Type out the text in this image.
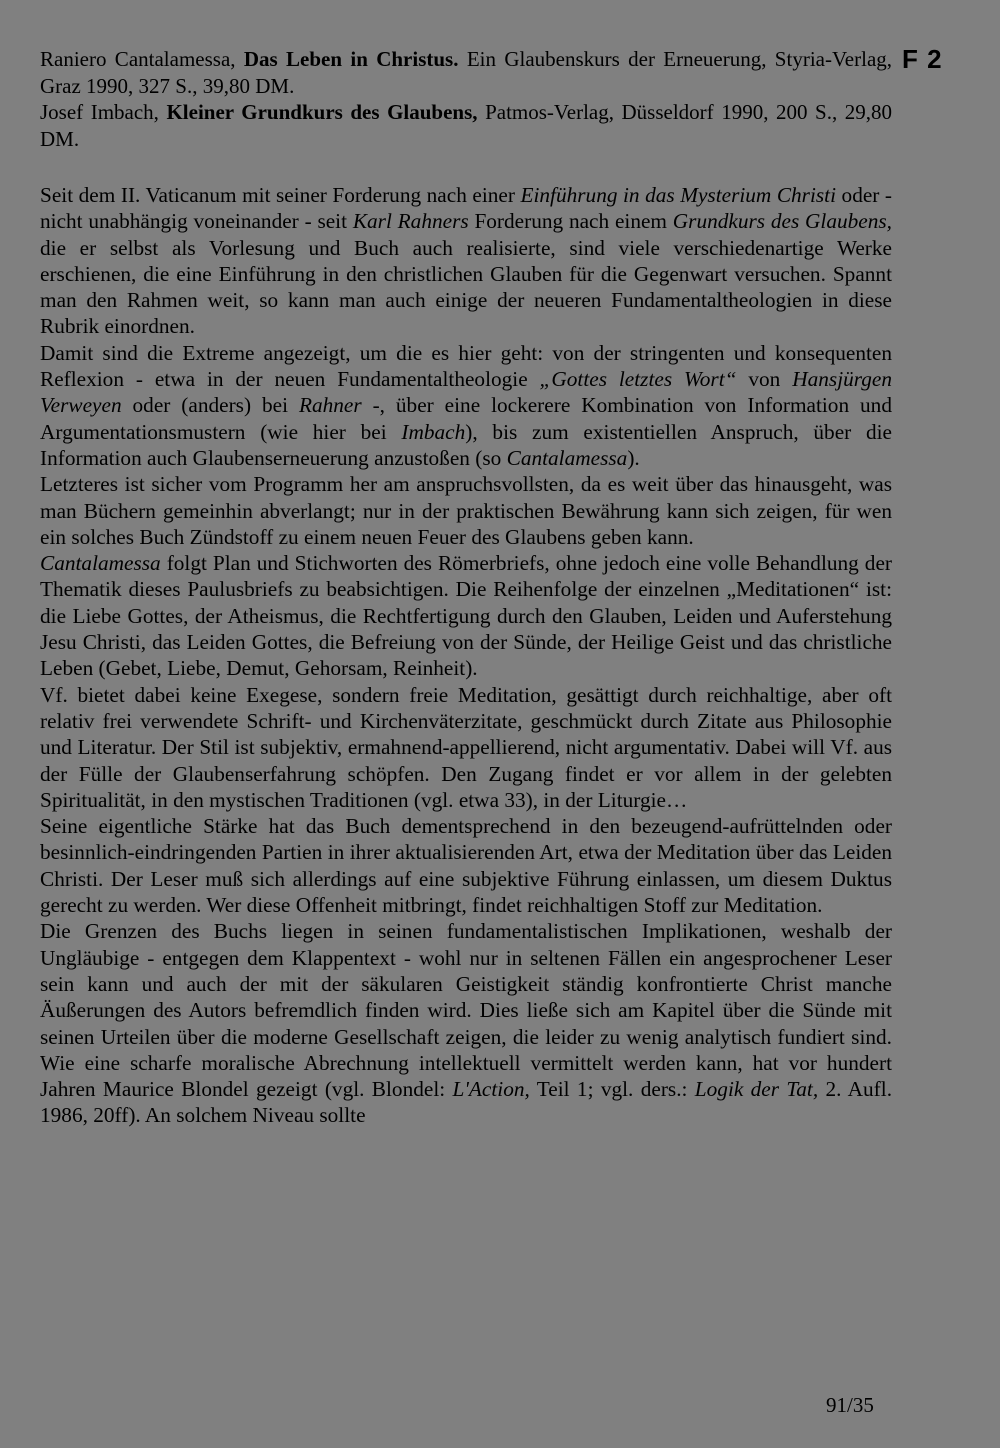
F 2

Raniero Cantalamessa, Das Leben in Christus. Ein Glaubenskurs der Erneuerung, Styria-Verlag, Graz 1990, 327 S., 39,80 DM.

Josef Imbach, Kleiner Grundkurs des Glaubens, Patmos-Verlag, Düsseldorf 1990, 200 S., 29,80 DM.

Seit dem II. Vaticanum mit seiner Forderung nach einer Einführung in das Mysterium Christi oder - nicht unabhängig voneinander - seit Karl Rahners Forderung nach einem Grundkurs des Glaubens, die er selbst als Vorlesung und Buch auch realisierte, sind viele verschiedenartige Werke erschienen, die eine Einführung in den christlichen Glauben für die Gegenwart versuchen. Spannt man den Rahmen weit, so kann man auch einige der neueren Fundamentaltheologien in diese Rubrik einordnen.

Damit sind die Extreme angezeigt, um die es hier geht: von der stringenten und konsequenten Reflexion - etwa in der neuen Fundamentaltheologie „Gottes letztes Wort“ von Hansjürgen Verweyen oder (anders) bei Rahner -, über eine lockerere Kombination von Information und Argumentationsmustern (wie hier bei Imbach), bis zum existentiellen Anspruch, über die Information auch Glaubenserneuerung anzustoßen (so Cantalamessa).

Letzteres ist sicher vom Programm her am anspruchsvollsten, da es weit über das hinausgeht, was man Büchern gemeinhin abverlangt; nur in der praktischen Bewährung kann sich zeigen, für wen ein solches Buch Zündstoff zu einem neuen Feuer des Glaubens geben kann.

Cantalamessa folgt Plan und Stichworten des Römerbriefs, ohne jedoch eine volle Behandlung der Thematik dieses Paulusbriefs zu beabsichtigen. Die Reihenfolge der einzelnen „Meditationen“ ist: die Liebe Gottes, der Atheismus, die Rechtfertigung durch den Glauben, Leiden und Auferstehung Jesu Christi, das Leiden Gottes, die Befreiung von der Sünde, der Heilige Geist und das christliche Leben (Gebet, Liebe, Demut, Gehorsam, Reinheit).

Vf. bietet dabei keine Exegese, sondern freie Meditation, gesättigt durch reichhaltige, aber oft relativ frei verwendete Schrift- und Kirchenväterzitate, geschmückt durch Zitate aus Philosophie und Literatur. Der Stil ist subjektiv, ermahnend-appellierend, nicht argumentativ. Dabei will Vf. aus der Fülle der Glaubenserfahrung schöpfen. Den Zugang findet er vor allem in der gelebten Spiritualität, in den mystischen Traditionen (vgl. etwa 33), in der Liturgie…

Seine eigentliche Stärke hat das Buch dementsprechend in den bezeugend-aufrüttelnden oder besinnlich-eindringenden Partien in ihrer aktualisierenden Art, etwa der Meditation über das Leiden Christi. Der Leser muß sich allerdings auf eine subjektive Führung einlassen, um diesem Duktus gerecht zu werden. Wer diese Offenheit mitbringt, findet reichhaltigen Stoff zur Meditation.

Die Grenzen des Buchs liegen in seinen fundamentalistischen Implikationen, weshalb der Ungläubige - entgegen dem Klappentext - wohl nur in seltenen Fällen ein angesprochener Leser sein kann und auch der mit der säkularen Geistigkeit ständig konfrontierte Christ manche Äußerungen des Autors befremdlich finden wird. Dies ließe sich am Kapitel über die Sünde mit seinen Urteilen über die moderne Gesellschaft zeigen, die leider zu wenig analytisch fundiert sind. Wie eine scharfe moralische Abrechnung intellektuell vermittelt werden kann, hat vor hundert Jahren Maurice Blondel gezeigt (vgl. Blondel: L'Action, Teil 1; vgl. ders.: Logik der Tat, 2. Aufl. 1986, 20ff). An solchem Niveau sollte

91/35
